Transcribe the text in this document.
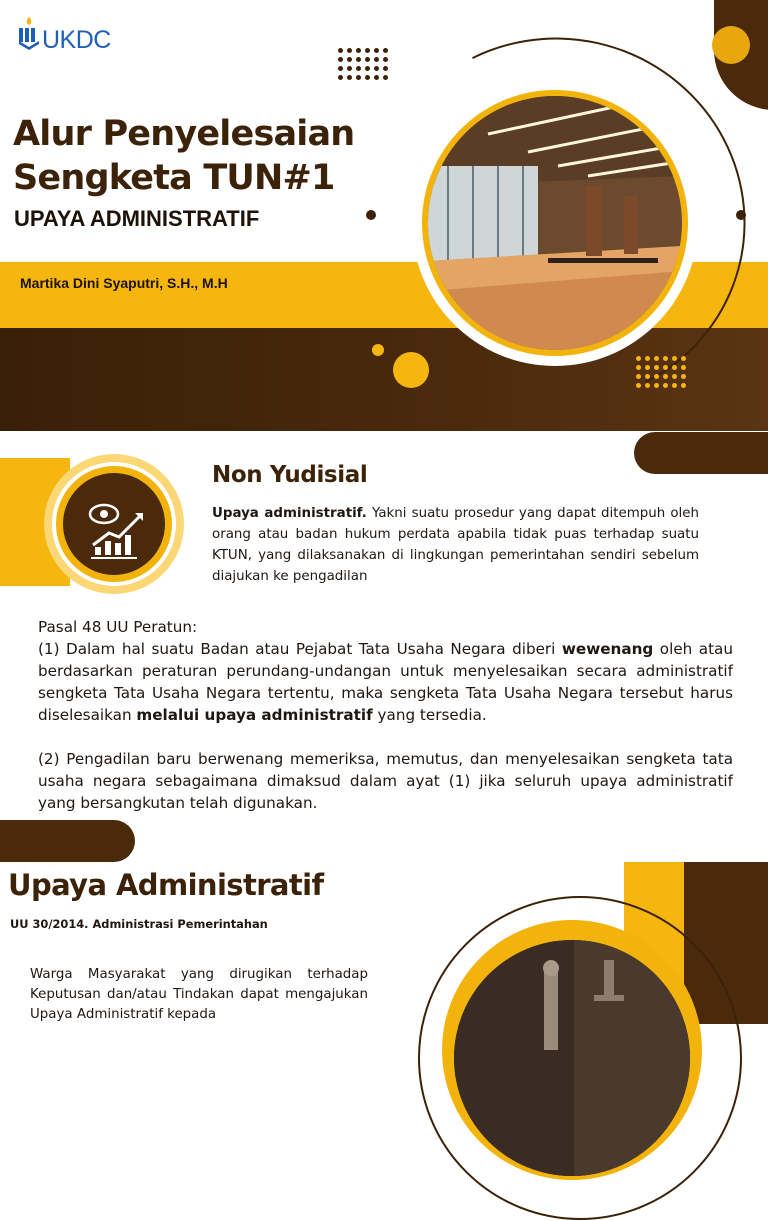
UKDC
Alur Penyelesaian
Sengketa TUN#1
UPAYA ADMINISTRATIF

Martika Dini Syaputri, S.H., M.H

Non Yudisial

Upaya administratif. Yakni suatu prosedur yang dapat ditempuh oleh orang atau badan hukum perdata apabila tidak puas terhadap suatu KTUN, yang dilaksanakan di lingkungan pemerintahan sendiri sebelum diajukan ke pengadilan

Pasal 48 UU Peratun:

(1) Dalam hal suatu Badan atau Pejabat Tata Usaha Negara diberi wewenang oleh atau berdasarkan peraturan perundang-undangan untuk menyelesaikan secara administratif sengketa Tata Usaha Negara tertentu, maka sengketa Tata Usaha Negara tersebut harus diselesaikan melalui upaya administratif yang tersedia.

(2) Pengadilan baru berwenang memeriksa, memutus, dan menyelesaikan sengketa tata usaha negara sebagaimana dimaksud dalam ayat (1) jika seluruh upaya administratif yang bersangkutan telah digunakan.

Upaya Administratif

UU 30/2014. Administrasi Pemerintahan

Warga Masyarakat yang dirugikan terhadap Keputusan dan/atau Tindakan dapat mengajukan Upaya Administratif kepada
